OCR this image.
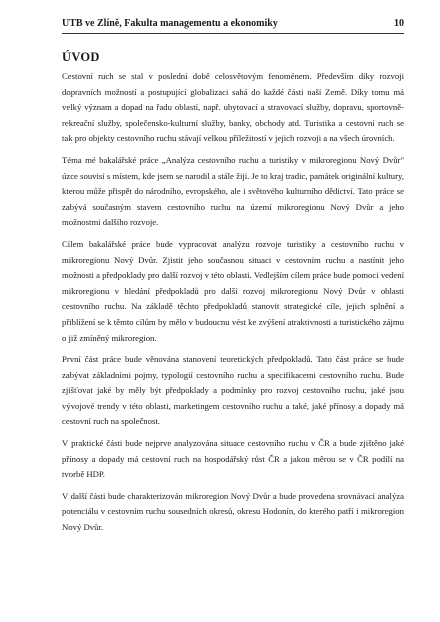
UTB ve Zlíně, Fakulta managementu a ekonomiky	10
ÚVOD

Cestovní ruch se stal v poslední době celosvětovým fenoménem. Především díky rozvoji dopravních možností a postupující globalizaci sahá do každé části naší Země. Díky tomu má velký význam a dopad na řadu oblastí, např. ubytovací a stravovací služby, dopravu, sportovně-rekreační služby, společensko-kulturní služby, banky, obchody atd. Turistika a cestovní ruch se tak pro objekty cestovního ruchu stávají velkou příležitostí v jejich rozvoji a na všech úrovních.

Téma mé bakalářské práce „Analýza cestovního ruchu a turistiky v mikroregionu Nový Dvůr" úzce souvisí s místem, kde jsem se narodil a stále žiji. Je to kraj tradic, památek originální kultury, kterou může přispět do národního, evropského, ale i světového kulturního dědictví. Tato práce se zabývá současným stavem cestovního ruchu na území mikroregionu Nový Dvůr a jeho možnostmi dalšího rozvoje.

Cílem bakalářské práce bude vypracovat analýzu rozvoje turistiky a cestovního ruchu v mikroregionu Nový Dvůr. Zjistit jeho současnou situaci v cestovním ruchu a nastínit jeho možnosti a předpoklady pro další rozvoj v této oblasti. Vedlejším cílem práce bude pomoci vedení mikroregionu v hledání předpokladů pro další rozvoj mikroregionu Nový Dvůr v oblasti cestovního ruchu. Na základě těchto předpokladů stanovit strategické cíle, jejich splnění a přiblížení se k těmto cílům by mělo v budoucnu vést ke zvýšení atraktivnosti a turistického zájmu o již zmíněný mikroregion.

První část práce bude věnována stanovení teoretických předpokladů. Tato část práce se bude zabývat základními pojmy, typologií cestovního ruchu a specifikacemi cestovního ruchu. Bude zjišťovat jaké by měly být předpoklady a podmínky pro rozvoj cestovního ruchu, jaké jsou vývojové trendy v této oblasti, marketingem cestovního ruchu a také, jaké přínosy a dopady má cestovní ruch na společnost.

V praktické části bude nejprve analyzována situace cestovního ruchu v ČR a bude zjištěno jaké přínosy a dopady má cestovní ruch na hospodářský růst ČR a jakou měrou se v ČR podílí na tvorbě HDP.

V další části bude charakterizován mikroregion Nový Dvůr a bude provedena srovnávací analýza potenciálu v cestovním ruchu sousedních okresů, okresu Hodonín, do kterého patří i mikroregion Nový Dvůr.
